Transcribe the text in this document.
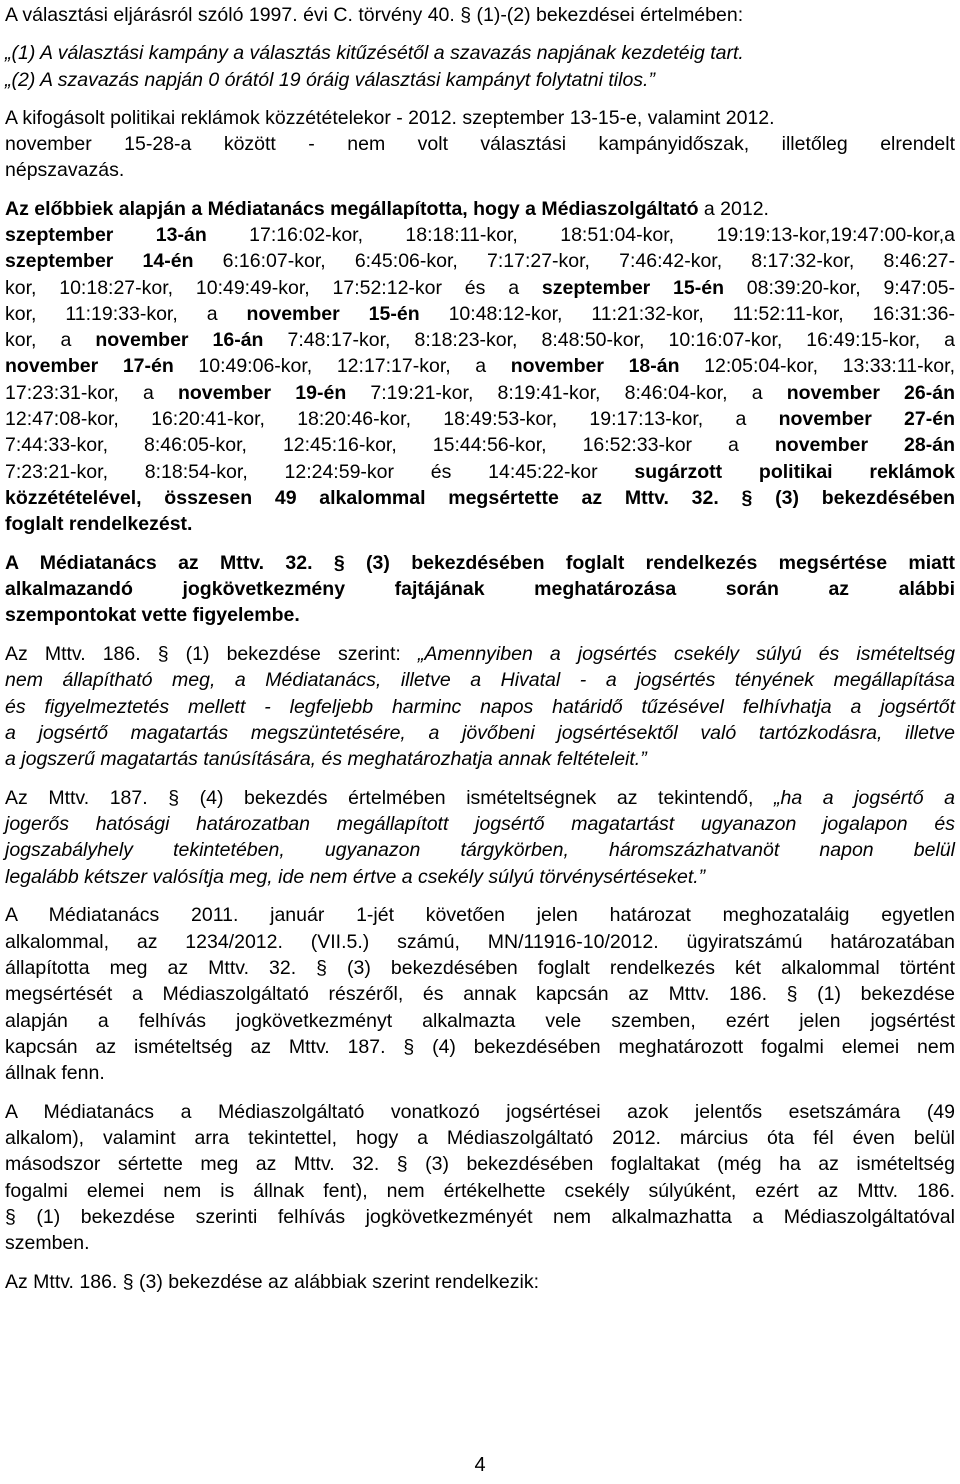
A választási eljárásról szóló 1997. évi C. törvény 40. § (1)-(2) bekezdései értelmében:

„(1) A választási kampány a választás kitűzésétől a szavazás napjának kezdetéig tart.

„(2) A szavazás napján 0 órától 19 óráig választási kampányt folytatni tilos.”

A kifogásolt politikai reklámok közzétételekor - 2012. szeptember 13-15-e, valamint 2012.

november 15-28-a között - nem volt választási kampányidőszak, illetőleg elrendelt

népszavazás.

Az előbbiek alapján a Médiatanács megállapította, hogy a Médiaszolgáltató a 2012.

szeptember 13-án 17:16:02-kor, 18:18:11-kor, 18:51:04-kor, 19:19:13-kor,19:47:00-kor,a

szeptember 14-én 6:16:07-kor, 6:45:06-kor, 7:17:27-kor, 7:46:42-kor, 8:17:32-kor, 8:46:27-

kor, 10:18:27-kor, 10:49:49-kor, 17:52:12-kor és a szeptember 15-én 08:39:20-kor, 9:47:05-

kor, 11:19:33-kor, a november 15-én 10:48:12-kor, 11:21:32-kor, 11:52:11-kor, 16:31:36-

kor, a november 16-án 7:48:17-kor, 8:18:23-kor, 8:48:50-kor, 10:16:07-kor, 16:49:15-kor, a

november 17-én 10:49:06-kor, 12:17:17-kor, a november 18-án 12:05:04-kor, 13:33:11-kor,

17:23:31-kor, a november 19-én 7:19:21-kor, 8:19:41-kor, 8:46:04-kor, a november 26-án

12:47:08-kor, 16:20:41-kor, 18:20:46-kor, 18:49:53-kor, 19:17:13-kor, a november 27-én

7:44:33-kor, 8:46:05-kor, 12:45:16-kor, 15:44:56-kor, 16:52:33-kor a november 28-án

7:23:21-kor, 8:18:54-kor, 12:24:59-kor és 14:45:22-kor sugárzott politikai reklámok

közzétételével, összesen 49 alkalommal megsértette az Mttv. 32. § (3) bekezdésében

foglalt rendelkezést.

A Médiatanács az Mttv. 32. § (3) bekezdésében foglalt rendelkezés megsértése miatt

alkalmazandó jogkövetkezmény fajtájának meghatározása során az alábbi

szempontokat vette figyelembe.

Az Mttv. 186. § (1) bekezdése szerint: „Amennyiben a jogsértés csekély súlyú és ismételtség

nem állapítható meg, a Médiatanács, illetve a Hivatal - a jogsértés tényének megállapítása

és figyelmeztetés mellett - legfeljebb harminc napos határidő tűzésével felhívhatja a jogsértőt

a jogsértő magatartás megszüntetésére, a jövőbeni jogsértésektől való tartózkodásra, illetve

a jogszerű magatartás tanúsítására, és meghatározhatja annak feltételeit.”

Az Mttv. 187. § (4) bekezdés értelmében ismételtségnek az tekintendő, „ha a jogsértő a

jogerős hatósági határozatban megállapított jogsértő magatartást ugyanazon jogalapon és

jogszabályhely tekintetében, ugyanazon tárgykörben, háromszázhatvanöt napon belül

legalább kétszer valósítja meg, ide nem értve a csekély súlyú törvénysértéseket.”

A Médiatanács 2011. január 1-jét követően jelen határozat meghozataláig egyetlen

alkalommal, az 1234/2012. (VII.5.) számú, MN/11916-10/2012. ügyiratszámú határozatában

állapította meg az Mttv. 32. § (3) bekezdésében foglalt rendelkezés két alkalommal történt

megsértését a Médiaszolgáltató részéről, és annak kapcsán az Mttv. 186. § (1) bekezdése

alapján a felhívás jogkövetkezményt alkalmazta vele szemben, ezért jelen jogsértést

kapcsán az ismételtség az Mttv. 187. § (4) bekezdésében meghatározott fogalmi elemei nem

állnak fenn.

A Médiatanács a Médiaszolgáltató vonatkozó jogsértései azok jelentős esetszámára (49

alkalom), valamint arra tekintettel, hogy a Médiaszolgáltató 2012. március óta fél éven belül

másodszor sértette meg az Mttv. 32. § (3) bekezdésében foglaltakat (még ha az ismételtség

fogalmi elemei nem is állnak fent), nem értékelhette csekély súlyúként, ezért az Mttv. 186.

§ (1) bekezdése szerinti felhívás jogkövetkezményét nem alkalmazhatta a Médiaszolgáltatóval

szemben.

Az Mttv. 186. § (3) bekezdése az alábbiak szerint rendelkezik:

4
